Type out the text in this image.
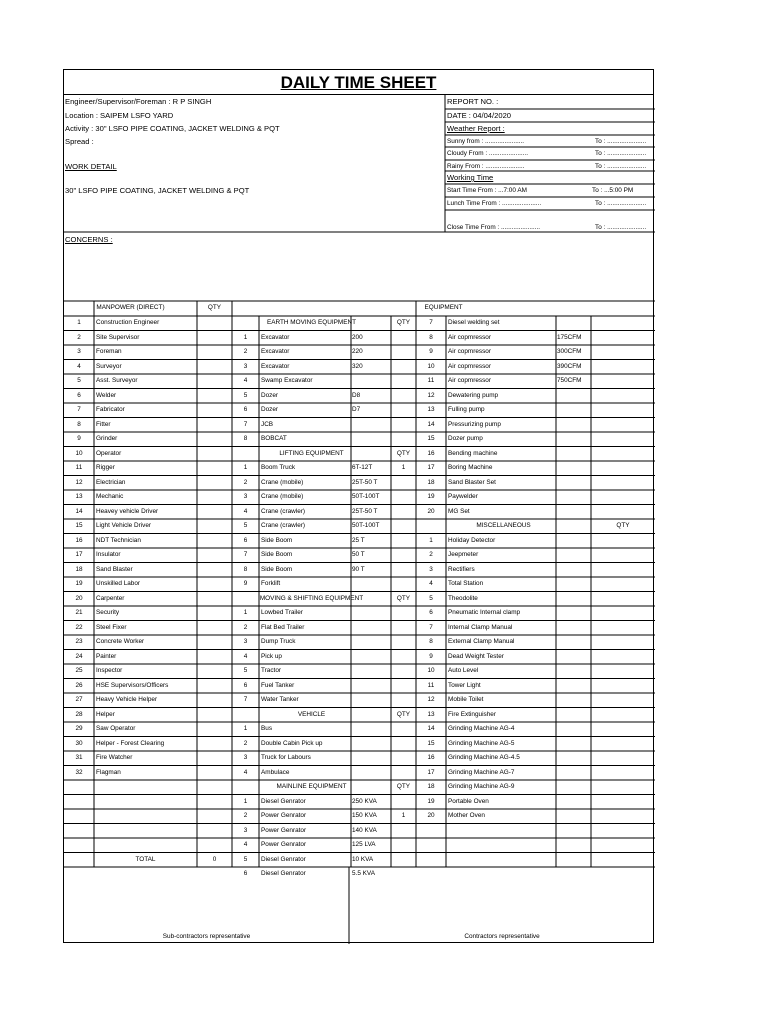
DAILY TIME SHEET
Engineer/Supervisor/Foreman : R P SINGH
Location : SAIPEM LSFO YARD
Activity : 30" LSFO PIPE COATING, JACKET WELDING & PQT
Spread :
WORK DETAIL
30" LSFO PIPE COATING, JACKET WELDING & PQT
REPORT NO. :
DATE : 04/04/2020
Weather Report :
Sunny from : ......................	To : ......................
Cloudy From : ......................	To : ......................
Rainy From : ......................	To : ......................
Working Time
Start Time From : ...7:00 AM	To : ...5:00 PM
Lunch Time From : ......................	To : ......................
Close Time From : ......................	To : ......................
CONCERNS :
MANPOWER (DIRECT)	QTY	EQUIPMENT
1	Construction Engineer
2	Site Supervisor
3	Foreman
4	Surveyor
5	Asst. Surveyor
6	Welder
7	Fabricator
8	Fitter
9	Grinder
10	Operator
11	Rigger
12	Electrician
13	Mechanic
14	Heavey vehicle Driver
15	Light Vehicle Driver
16	NDT Technician
17	Insulator
18	Sand Blaster
19	Unskilled Labor
20	Carpenter
21	Security
22	Steel Fixer
23	Concrete Worker
24	Painter
25	Inspector
26	HSE Supervisors/Officers
27	Heavy Vehicle Helper
28	Helper
29	Saw Operator
30	Helper - Forest Clearing
31	Fire Watcher
32	Flagman
TOTAL	0
EARTH MOVING EQUIPMENT	QTY
1	Excavator	200
2	Excavator	220
3	Excavator	320
4	Swamp Excavator
5	Dozer	D8
6	Dozer	D7
7	JCB
8	BOBCAT
LIFTING EQUIPMENT	QTY
1	Boom Truck	6T-12T	1
2	Crane (mobile)	25T-50 T
3	Crane (mobile)	50T-100T
4	Crane (crawler)	25T-50 T
5	Crane (crawler)	50T-100T
6	Side Boom	25 T
7	Side Boom	50 T
8	Side Boom	90 T
9	Forklift
MOVING & SHIFTING EQUIPMENT	QTY
1	Lowbed Trailer
2	Flat Bed Trailer
3	Dump Truck
4	Pick up
5	Tractor
6	Fuel Tanker
7	Water Tanker
VEHICLE	QTY
1	Bus
2	Double Cabin Pick up
3	Truck for Labours
4	Ambulace
MAINLINE EQUIPMENT	QTY
1	Diesel Genrator	250 KVA
2	Power Genrator	150 KVA	1
3	Power Genrator	140 KVA
4	Power Genrator	125 LVA
5	Diesel Genrator	10 KVA
6	Diesel Genrator	5.5 KVA
7	Diesel welding set
8	Air copmressor	175CFM
9	Air copmressor	300CFM
10	Air copmressor	390CFM
11	Air copmressor	750CFM
12	Dewatering pump
13	Fulling pump
14	Pressurizing pump
15	Dozer pump
16	Bending machine
17	Boring Machine
18	Sand Blaster Set
19	Paywelder
20	MG Set
MISCELLANEOUS	QTY
1	Holiday Detector
2	Jeepmeter
3	Rectifiers
4	Total Station
5	Theodolite
6	Pneumatic Internal clamp
7	Internal Clamp Manual
8	External Clamp Manual
9	Dead Weight Tester
10	Auto Level
11	Tower Light
12	Mobile Toilet
13	Fire Extinguisher
14	Grinding Machine AG-4
15	Grinding Machine AG-5
16	Grinding Machine AG-4.5
17	Grinding Machine AG-7
18	Grinding Machine AG-9
19	Portable Oven
20	Mother Oven
Sub-contractors representative	Contractors representative
